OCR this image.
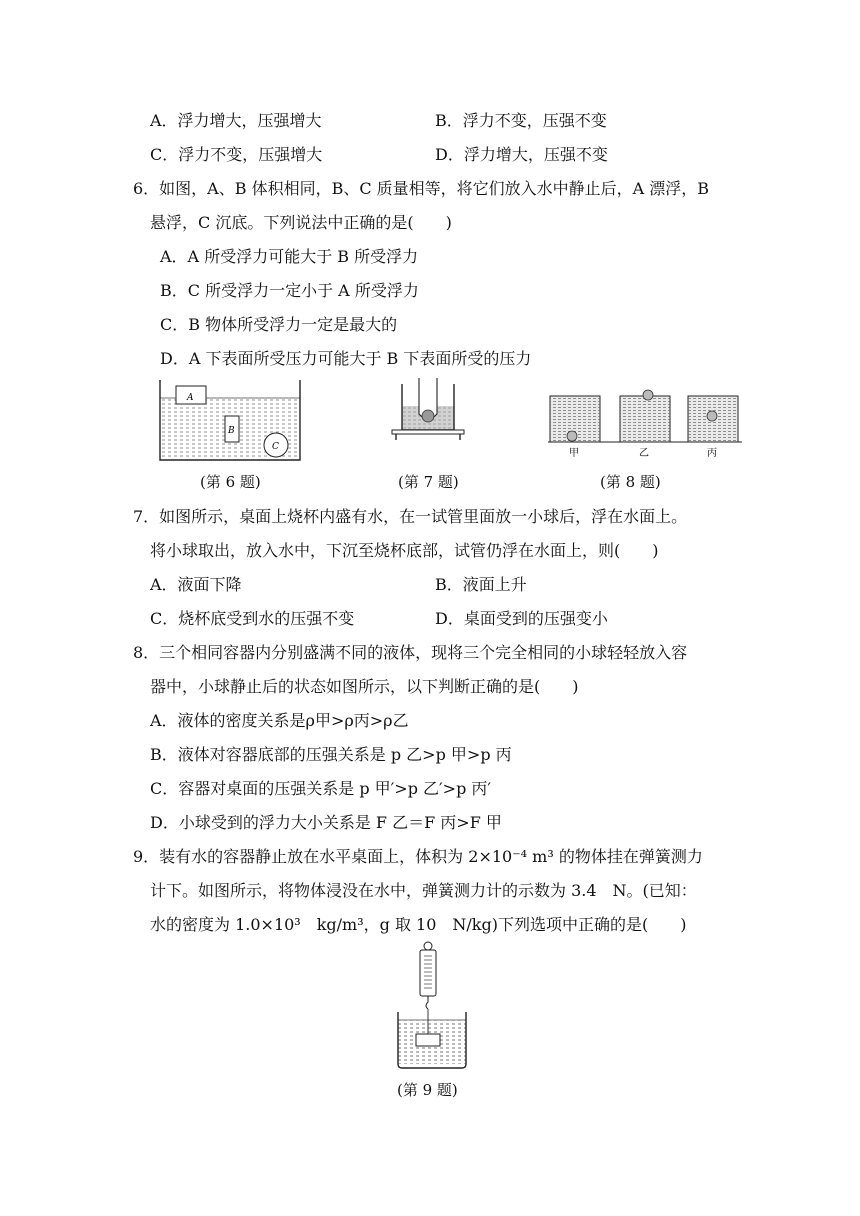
A．浮力增大，压强增大	B．浮力不变，压强不变
C．浮力不变，压强增大	D．浮力增大，压强不变
6．如图，A、B 体积相同，B、C 质量相等，将它们放入水中静止后，A 漂浮，B
悬浮，C 沉底。下列说法中正确的是(　　)
A．A 所受浮力可能大于 B 所受浮力
B．C 所受浮力一定小于 A 所受浮力
C．B 物体所受浮力一定是最大的
D．A 下表面所受压力可能大于 B 下表面所受的压力
A
B
C
甲	乙	丙
(第 6 题)	(第 7 题)	(第 8 题)
7．如图所示，桌面上烧杯内盛有水，在一试管里面放一小球后，浮在水面上。
将小球取出，放入水中，下沉至烧杯底部，试管仍浮在水面上，则(　　)
A．液面下降	B．液面上升
C．烧杯底受到水的压强不变	D．桌面受到的压强变小
8．三个相同容器内分别盛满不同的液体，现将三个完全相同的小球轻轻放入容
器中，小球静止后的状态如图所示，以下判断正确的是(　　)
A．液体的密度关系是ρ甲>ρ丙>ρ乙
B．液体对容器底部的压强关系是 p 乙>p 甲>p 丙
C．容器对桌面的压强关系是 p 甲′>p 乙′>p 丙′
D．小球受到的浮力大小关系是 F 乙＝F 丙>F 甲
9．装有水的容器静止放在水平桌面上，体积为 2×10⁻⁴ m³ 的物体挂在弹簧测力
计下。如图所示，将物体浸没在水中，弹簧测力计的示数为 3.4　N。(已知：
水的密度为 1.0×10³　kg/m³，g 取 10　N/kg)下列选项中正确的是(　　)
(第 9 题)
